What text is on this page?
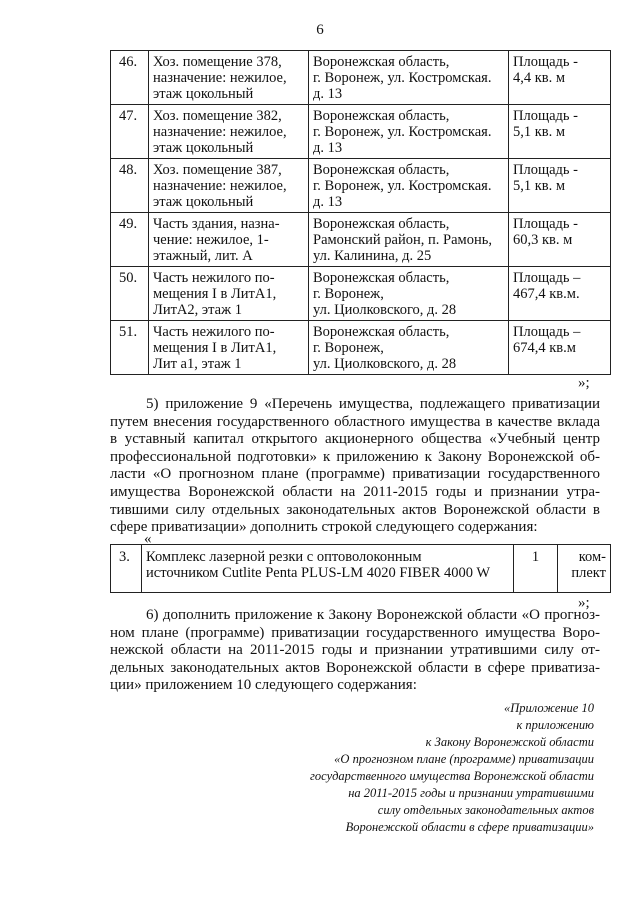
6
46.	Хоз. помещение 378,
назначение: нежилое,
этаж цокольный	Воронежская область,
г. Воронеж, ул. Костромская.
д. 13	Площадь -
4,4 кв. м

47.	Хоз. помещение 382,
назначение: нежилое,
этаж цокольный	Воронежская область,
г. Воронеж, ул. Костромская.
д. 13	Площадь -
5,1 кв. м

48.	Хоз. помещение 387,
назначение: нежилое,
этаж цокольный	Воронежская область,
г. Воронеж, ул. Костромская.
д. 13	Площадь -
5,1 кв. м

49.	Часть здания, назна-
чение: нежилое, 1-
этажный, лит. А	Воронежская область,
Рамонский район, п. Рамонь,
ул. Калинина, д. 25	Площадь -
60,3 кв. м

50.	Часть нежилого по-
мещения I в ЛитА1,
ЛитА2, этаж 1	Воронежская область,
г. Воронеж,
ул. Циолковского, д. 28	Площадь –
467,4 кв.м.

51.	Часть нежилого по-
мещения I в ЛитА1,
Лит а1, этаж 1	Воронежская область,
г. Воронеж,
ул. Циолковского, д. 28	Площадь –
674,4 кв.м
»;
5) приложение 9 «Перечень имущества, подлежащего приватизации
путем внесения государственного областного имущества в качестве вклада
в уставный капитал открытого акционерного общества «Учебный центр
профессиональной подготовки» к приложению к Закону Воронежской об-
ласти «О прогнозном плане (программе) приватизации государственного
имущества Воронежской области на 2011-2015 годы и признании утра-
тившими силу отдельных законодательных актов Воронежской области в
сфере приватизации» дополнить строкой следующего содержания:
«
3.	Комплекс лазерной резки с оптоволоконным
источником Cutlite Penta PLUS-LM 4020 FIBER 4000 W
	1	ком-
плект
»;
6) дополнить приложение к Закону Воронежской области «О прогноз-
ном плане (программе) приватизации государственного имущества Воро-
нежской области на 2011-2015 годы и признании утратившими силу от-
дельных законодательных актов Воронежской области в сфере приватиза-
ции» приложением 10 следующего содержания:
«Приложение 10
к приложению
к Закону Воронежской области
«О прогнозном плане (программе) приватизации
государственного имущества Воронежской области
на 2011-2015 годы и признании утратившими
силу отдельных законодательных актов
Воронежской области в сфере приватизации»
